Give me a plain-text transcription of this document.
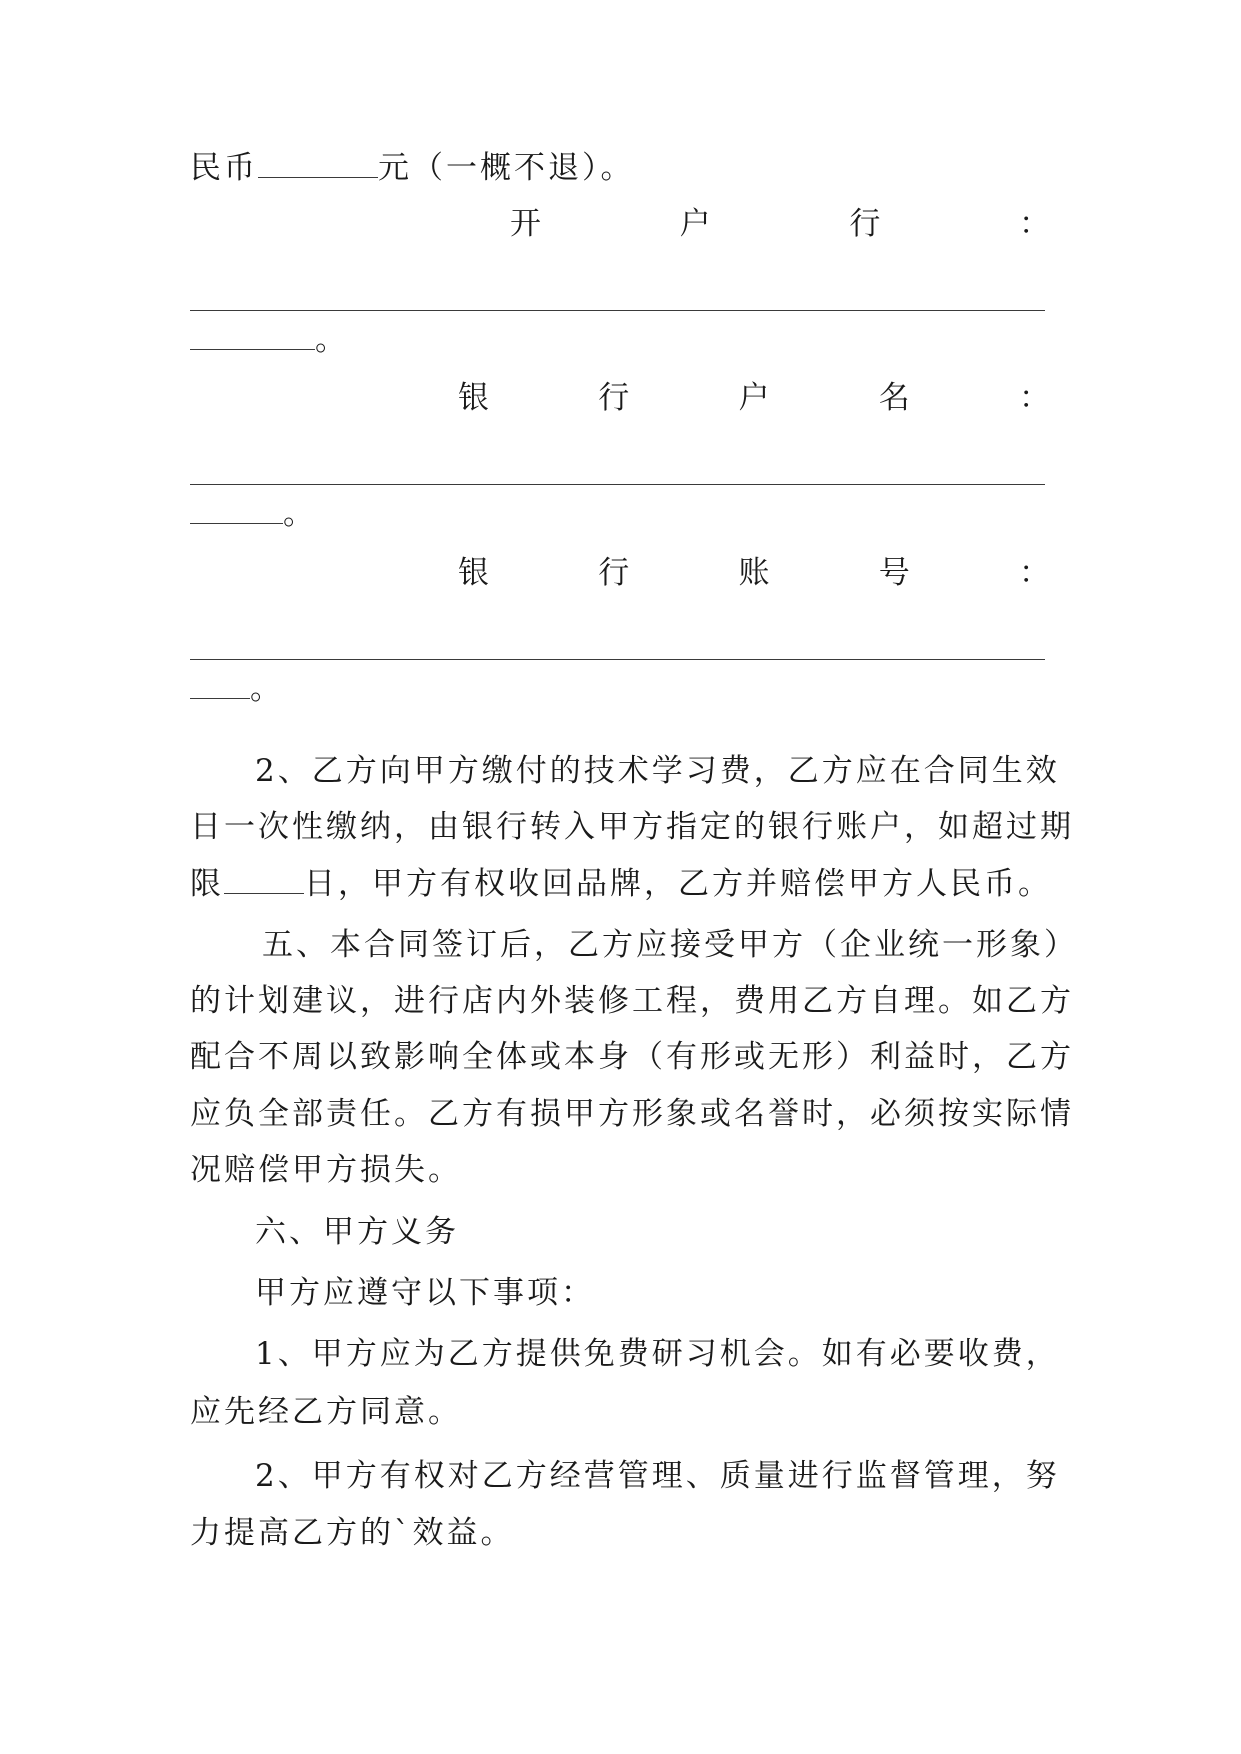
民币	元（一概不退）。
开	户	行	：
。
银	行	户	名	：
。
银	行	账	号	：
。
2、乙方向甲方缴付的技术学习费，乙方应在合同生效
日一次性缴纳，由银行转入甲方指定的银行账户，如超过期
限	日，甲方有权收回品牌，乙方并赔偿甲方人民币。
五、本合同签订后，乙方应接受甲方（企业统一形象）
的计划建议，进行店内外装修工程，费用乙方自理。如乙方
配合不周以致影响全体或本身（有形或无形）利益时，乙方
应负全部责任。乙方有损甲方形象或名誉时，必须按实际情
况赔偿甲方损失。
六、甲方义务
甲方应遵守以下事项：
1、甲方应为乙方提供免费研习机会。如有必要收费，
应先经乙方同意。
2、甲方有权对乙方经营管理、质量进行监督管理，努
力提高乙方的`效益。
